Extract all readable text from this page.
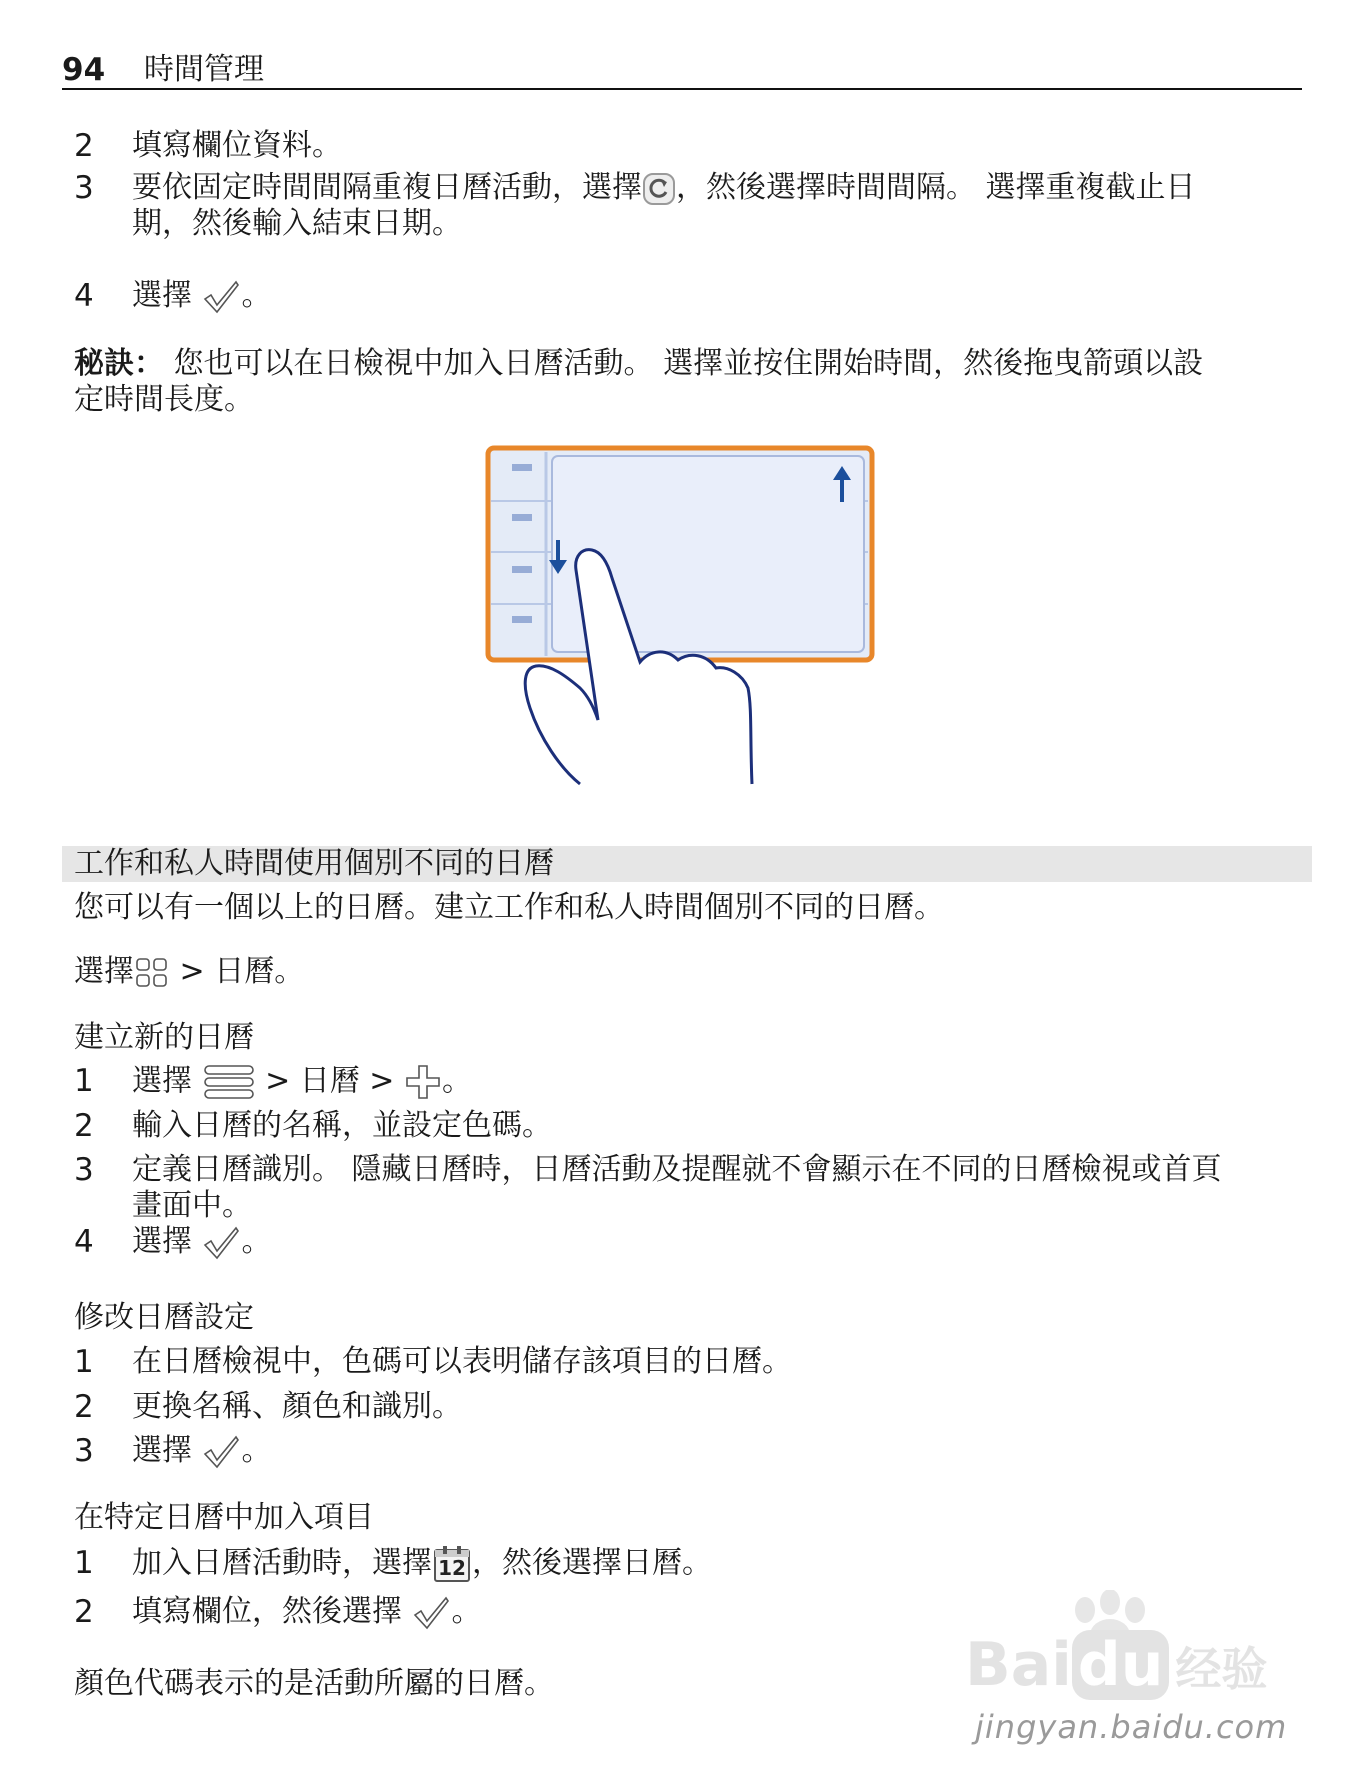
94	時間管理
2	填寫欄位資料。
3	要依固定時間間隔重複日曆活動，選擇 ，然後選擇時間間隔。 選擇重複截止日
期，然後輸入結束日期。
4	選擇 。
秘訣： 您也可以在日檢視中加入日曆活動。 選擇並按住開始時間，然後拖曳箭頭以設
定時間長度。
工作和私人時間使用個別不同的日曆
您可以有一個以上的日曆。建立工作和私人時間個別不同的日曆。
選擇 > 日曆。
建立新的日曆
1	選擇  > 日曆 > 。
2	輸入日曆的名稱，並設定色碼。
3	定義日曆識別。 隱藏日曆時，日曆活動及提醒就不會顯示在不同的日曆檢視或首頁
畫面中。
4	選擇 。
修改日曆設定
1	在日曆檢視中，色碼可以表明儲存該項目的日曆。
2	更換名稱、顏色和識別。
3	選擇 。
在特定日曆中加入項目
1	加入日曆活動時，選擇 12 ，然後選擇日曆。
2	填寫欄位，然後選擇 。
顏色代碼表示的是活動所屬的日曆。	Bai du 经验
jingyan.baidu.com
